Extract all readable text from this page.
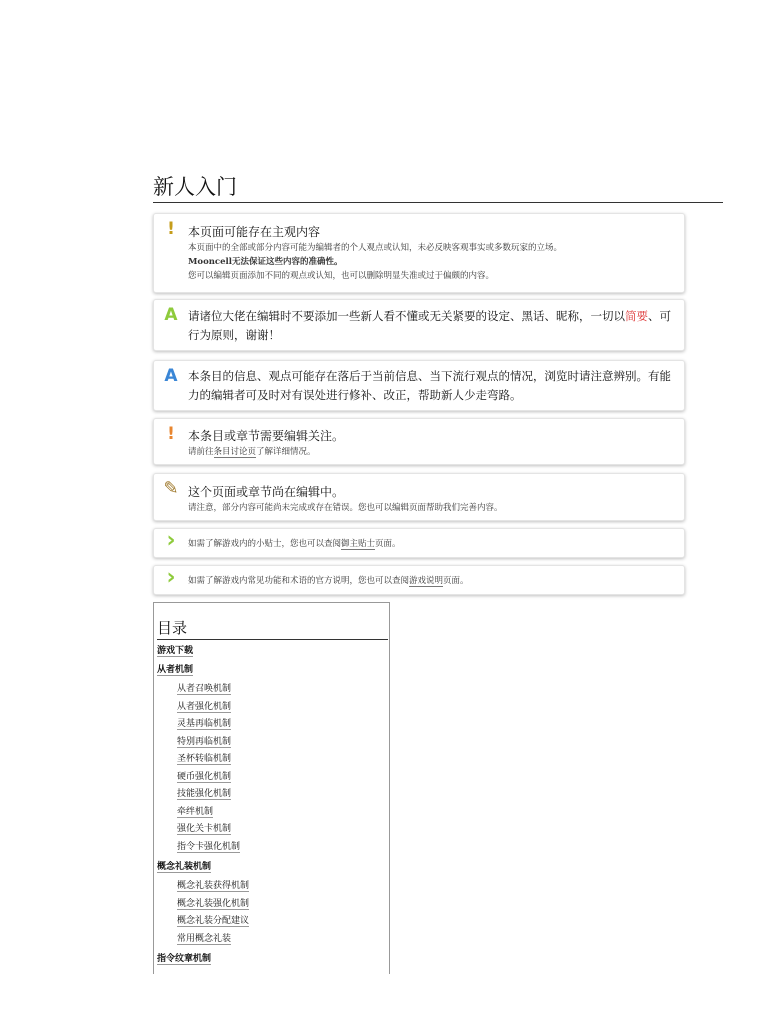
新人入门
!	本页面可能存在主观内容
本页面中的全部或部分内容可能为编辑者的个人观点或认知，未必反映客观事实或多数玩家的立场。
Mooncell无法保证这些内容的准确性。
您可以编辑页面添加不同的观点或认知，也可以删除明显失准或过于偏颇的内容。
A 请诸位大佬在编辑时不要添加一些新人看不懂或无关紧要的设定、黑话、昵称，一切以简要、可行为原则，谢谢！
A 本条目的信息、观点可能存在落后于当前信息、当下流行观点的情况，浏览时请注意辨别。有能力的编辑者可及时对有误处进行修补、改正，帮助新人少走弯路。
!	本条目或章节需要编辑关注。
请前往条目讨论页了解详细情况。
✎ 这个页面或章节尚在编辑中。
请注意，部分内容可能尚未完成或存在错误。您也可以编辑页面帮助我们完善内容。
›	如需了解游戏内的小贴士，您也可以查阅御主贴士页面。
›	如需了解游戏内常见功能和术语的官方说明，您也可以查阅游戏说明页面。
目录
游戏下载
从者机制
从者召唤机制
从者强化机制
灵基再临机制
特别再临机制
圣杯转临机制
硬币强化机制
技能强化机制
牵绊机制
强化关卡机制
指令卡强化机制
概念礼装机制
概念礼装获得机制
概念礼装强化机制
概念礼装分配建议
常用概念礼装
指令纹章机制
